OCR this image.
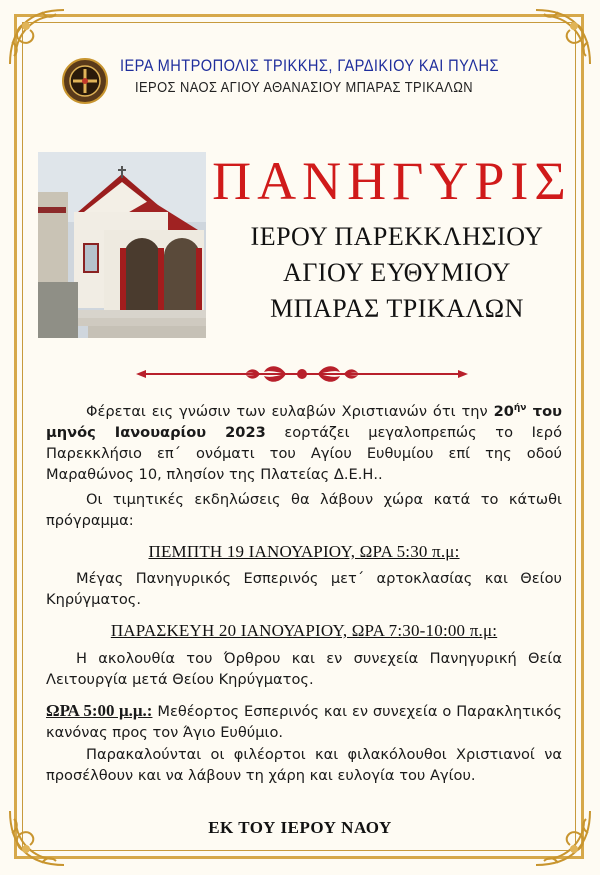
ΙΕΡΑ ΜΗΤΡΟΠΟΛΙΣ ΤΡΙΚΚΗΣ, ΓΑΡΔΙΚΙΟΥ ΚΑΙ ΠΥΛΗΣ
ΙΕΡΟΣ ΝΑΟΣ ΑΓΙΟΥ ΑΘΑΝΑΣΙΟΥ ΜΠΑΡΑΣ ΤΡΙΚΑΛΩΝ
ΠΑΝΗΓΥΡΙΣ
ΙΕΡΟΥ ΠΑΡΕΚΚΛΗΣΙΟΥ
ΑΓΙΟΥ ΕΥΘΥΜΙΟΥ
ΜΠΑΡΑΣ ΤΡΙΚΑΛΩΝ
Φέρεται εις γνώσιν των ευλαβών Χριστιανών ότι την $20^{ή\nu}$ του μηνός Ιανουαρίου 2023 εορτάζει μεγαλοπρεπώς το Ιερό Παρεκκλήσιο επ΄ ονόματι του Αγίου Ευθυμίου επί της οδού Μαραθώνος 10, πλησίον της Πλατείας Δ.Ε.Η..
Οι τιμητικές εκδηλώσεις θα λάβουν χώρα κατά το κάτωθι πρόγραμμα:
ΠΕΜΠΤΗ 19 ΙΑΝΟΥΑΡΙΟΥ, ΩΡΑ 5:30 π.μ:
Μέγας Πανηγυρικός Εσπερινός μετ΄ αρτοκλασίας και Θείου Κηρύγματος.
ΠΑΡΑΣΚΕΥΗ 20 ΙΑΝΟΥΑΡΙΟΥ, ΩΡΑ 7:30-10:00 π.μ:
Η ακολουθία του Όρθρου και εν συνεχεία Πανηγυρική Θεία Λειτουργία μετά Θείου Κηρύγματος.
ΩΡΑ 5:00 μ.μ.: Μεθέορτος Εσπερινός και εν συνεχεία ο Παρακλητικός κανόνας προς τον Άγιο Ευθύμιο.
Παρακαλούνται οι φιλέορτοι και φιλακόλουθοι Χριστιανοί να προσέλθουν και να λάβουν τη χάρη και ευλογία του Αγίου.
ΕΚ ΤΟΥ ΙΕΡΟΥ ΝΑΟΥ
